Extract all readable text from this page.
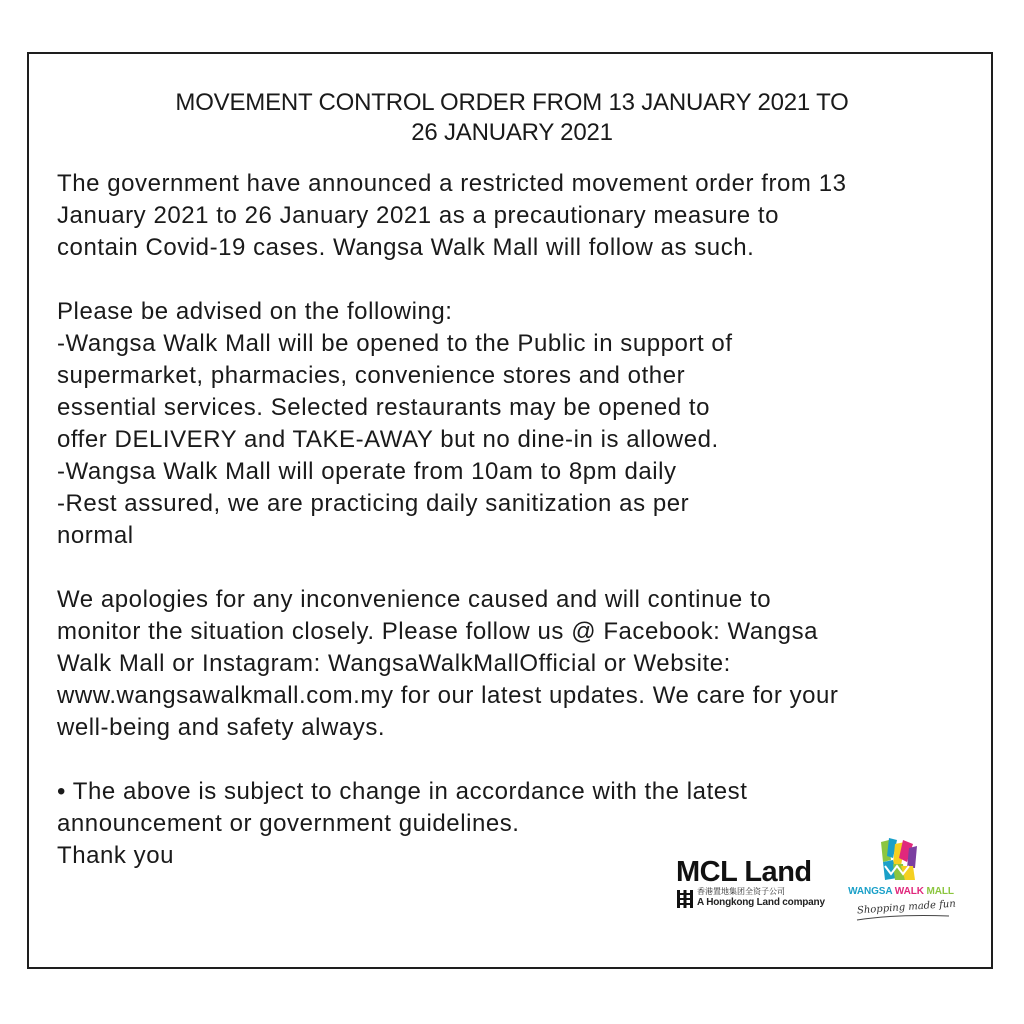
MOVEMENT CONTROL ORDER FROM 13 JANUARY 2021 TO
26 JANUARY 2021
The government have announced a restricted movement order from 13
January 2021 to 26 January 2021 as a precautionary measure to
contain Covid-19 cases. Wangsa Walk Mall will follow as such.
Please be advised on the following:
-Wangsa Walk Mall will be opened to the Public in support of
supermarket, pharmacies, convenience stores and other
essential services. Selected restaurants may be opened to
offer DELIVERY and TAKE-AWAY but no dine-in is allowed.
-Wangsa Walk Mall will operate from 10am to 8pm daily
-Rest assured, we are practicing daily sanitization as per
normal
We apologies for any inconvenience caused and will continue to
monitor the situation closely. Please follow us @ Facebook: Wangsa
Walk Mall or Instagram: WangsaWalkMallOfficial or Website:
www.wangsawalkmall.com.my for our latest updates. We care for your
well-being and safety always.
• The above is subject to change in accordance with the latest
announcement or government guidelines.
Thank you
MCL Land
香港置地集团全资子公司
A Hongkong Land company
WANGSA WALK MALL
Shopping made fun
